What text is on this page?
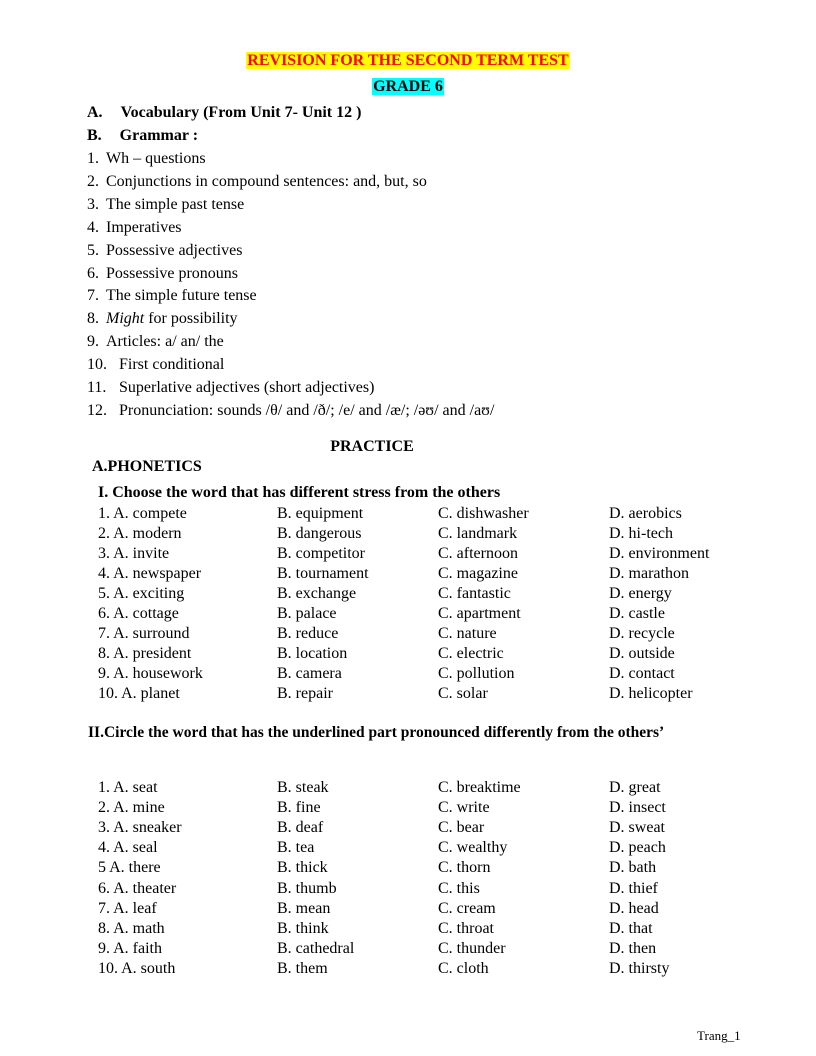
REVISION FOR THE SECOND TERM TEST
GRADE 6
A. Vocabulary (From Unit 7- Unit 12 )
B. Grammar :
1. Wh – questions
2. Conjunctions in compound sentences: and, but, so
3. The simple past tense
4. Imperatives
5. Possessive adjectives
6. Possessive pronouns
7. The simple future tense
8. Might for possibility
9. Articles: a/ an/ the
10. First conditional
11. Superlative adjectives (short adjectives)
12. Pronunciation: sounds /θ/ and /ð/; /e/ and /æ/; /əʊ/ and /aʊ/
PRACTICE
A.PHONETICS
I. Choose the word that has different stress from the others
1. A. compete	B. equipment	C. dishwasher	D. aerobics
2. A. modern	B. dangerous	C. landmark	D. hi-tech
3. A. invite	B. competitor	C. afternoon	D. environment
4. A. newspaper	B. tournament	C. magazine	D. marathon
5. A. exciting	B. exchange	C. fantastic	D. energy
6. A. cottage	B. palace	C. apartment	D. castle
7. A. surround	B. reduce	C. nature	D. recycle
8. A. president	B. location	C. electric	D. outside
9. A. housework	B. camera	C. pollution	D. contact
10. A. planet	B. repair	C. solar	D. helicopter
II.Circle the word that has the underlined part pronounced differently from the others’
1. A. seat	B. steak	C. breaktime	D. great
2. A. mine	B. fine	C. write	D. insect
3. A. sneaker	B. deaf	C. bear	D. sweat
4. A. seal	B. tea	C. wealthy	D. peach
5 A. there	B. thick	C. thorn	D. bath
6. A. theater	B. thumb	C. this	D. thief
7. A. leaf	B. mean	C. cream	D. head
8. A. math	B. think	C. throat	D. that
9. A. faith	B. cathedral	C. thunder	D. then
10. A. south	B. them	C. cloth	D. thirsty
Trang_1
